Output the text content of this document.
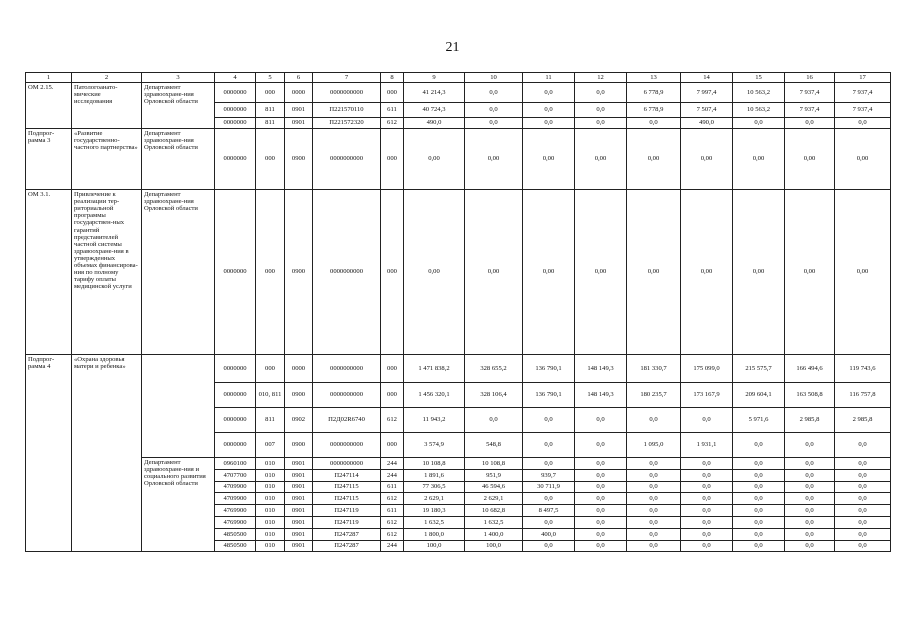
21
1	2	3	4	5	6	7	8	9	10	11	12	13	14	15	16	17
ОМ 2.15.	Патологоанато-мические исследования	Департамент здравоохране-ния Орловской области	0000000	000	0000	0000000000	000	41 214,3	0,0	0,0	0,0	6 778,9	7 997,4	10 563,2	7 937,4	7 937,4
			0000000	811	0901	П221570110	611	40 724,3	0,0	0,0	0,0	6 778,9	7 507,4	10 563,2	7 937,4	7 937,4
			0000000	811	0901	П221572320	612	490,0	0,0	0,0	0,0	0,0	490,0	0,0	0,0	0,0
Подпрог-рамма 3	«Развитие государственно-частного партнерства»	Департамент здравоохране-ния Орловской области	0000000	000	0900	0000000000	000	0,00	0,00	0,00	0,00	0,00	0,00	0,00	0,00	0,00
ОМ 3.1.	Привлечение к реализации тер-риториальной программы государствен-ных гарантий представителей частной системы здравоохране-ния в утвержденных объемах финансирова-ния по полному тарифу оплаты медицинской услуги	Департамент здравоохране-ния Орловской области	0000000	000	0900	0000000000	000	0,00	0,00	0,00	0,00	0,00	0,00	0,00	0,00	0,00
Подпрог-рамма 4	«Охрана здоровья матери и ребенка»		0000000	000	0000	0000000000	000	1 471 838,2	328 655,2	136 790,1	148 149,3	181 330,7	175 099,0	215 575,7	166 494,6	119 743,6
			0000000	010, 811	0900	0000000000	000	1 456 320,1	328 106,4	136 790,1	148 149,3	180 235,7	173 167,9	209 604,1	163 508,8	116 757,8
			0000000	811	0902	П2Д02R6740	612	11 943,2	0,0	0,0	0,0	0,0	0,0	5 971,6	2 985,8	2 985,8
			0000000	007	0900	0000000000	000	3 574,9	548,8	0,0	0,0	1 095,0	1 931,1	0,0	0,0	0,0
		Департамент здравоохране-ния и социального развития Орловской области	0960100	010	0901	0000000000	244	10 108,8	10 108,8	0,0	0,0	0,0	0,0	0,0	0,0	0,0
			4707700	010	0901	П247114	244	1 891,6	951,9	939,7	0,0	0,0	0,0	0,0	0,0	0,0
			4709900	010	0901	П247115	611	77 306,5	46 594,6	30 711,9	0,0	0,0	0,0	0,0	0,0	0,0
			4709900	010	0901	П247115	612	2 629,1	2 629,1	0,0	0,0	0,0	0,0	0,0	0,0	0,0
			4769900	010	0901	П247119	611	19 180,3	10 682,8	8 497,5	0,0	0,0	0,0	0,0	0,0	0,0
			4769900	010	0901	П247119	612	1 632,5	1 632,5	0,0	0,0	0,0	0,0	0,0	0,0	0,0
			4850500	010	0901	П247287	612	1 800,0	1 400,0	400,0	0,0	0,0	0,0	0,0	0,0	0,0
			4850500	010	0901	П247287	244	100,0	100,0	0,0	0,0	0,0	0,0	0,0	0,0	0,0
